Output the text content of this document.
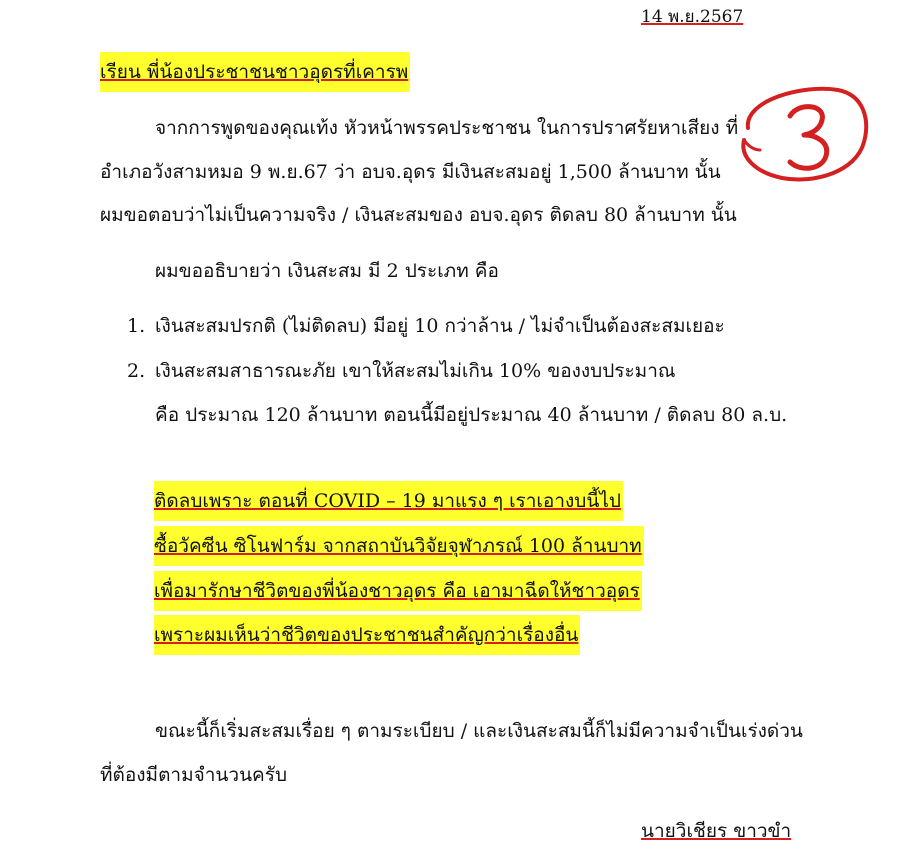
14 พ.ย.2567
เรียน พี่น้องประชาชนชาวอุดรที่เคารพ
จากการพูดของคุณเท้ง หัวหน้าพรรคประชาชน ในการปราศรัยหาเสียง ที่
อำเภอวังสามหมอ 9 พ.ย.67 ว่า อบจ.อุดร มีเงินสะสมอยู่ 1,500 ล้านบาท นั้น
ผมขอตอบว่าไม่เป็นความจริง / เงินสะสมของ อบจ.อุดร ติดลบ 80 ล้านบาท นั้น
ผมขออธิบายว่า เงินสะสม มี 2 ประเภท คือ
1. เงินสะสมปรกติ (ไม่ติดลบ) มีอยู่ 10 กว่าล้าน / ไม่จำเป็นต้องสะสมเยอะ
2. เงินสะสมสาธารณะภัย เขาให้สะสมไม่เกิน 10% ของงบประมาณ
คือ ประมาณ 120 ล้านบาท ตอนนี้มีอยู่ประมาณ 40 ล้านบาท / ติดลบ 80 ล.บ.
ติดลบเพราะ ตอนที่ COVID – 19 มาแรง ๆ เราเอางบนี้ไป
ซื้อวัคซีน ซิโนฟาร์ม จากสถาบันวิจัยจุฬาภรณ์ 100 ล้านบาท
เพื่อมารักษาชีวิตของพี่น้องชาวอุดร คือ เอามาฉีดให้ชาวอุดร
เพราะผมเห็นว่าชีวิตของประชาชนสำคัญกว่าเรื่องอื่น
ขณะนี้ก็เริ่มสะสมเรื่อย ๆ ตามระเบียบ / และเงินสะสมนี้ก็ไม่มีความจำเป็นเร่งด่วน
ที่ต้องมีตามจำนวนครับ
นายวิเชียร ขาวขำ
